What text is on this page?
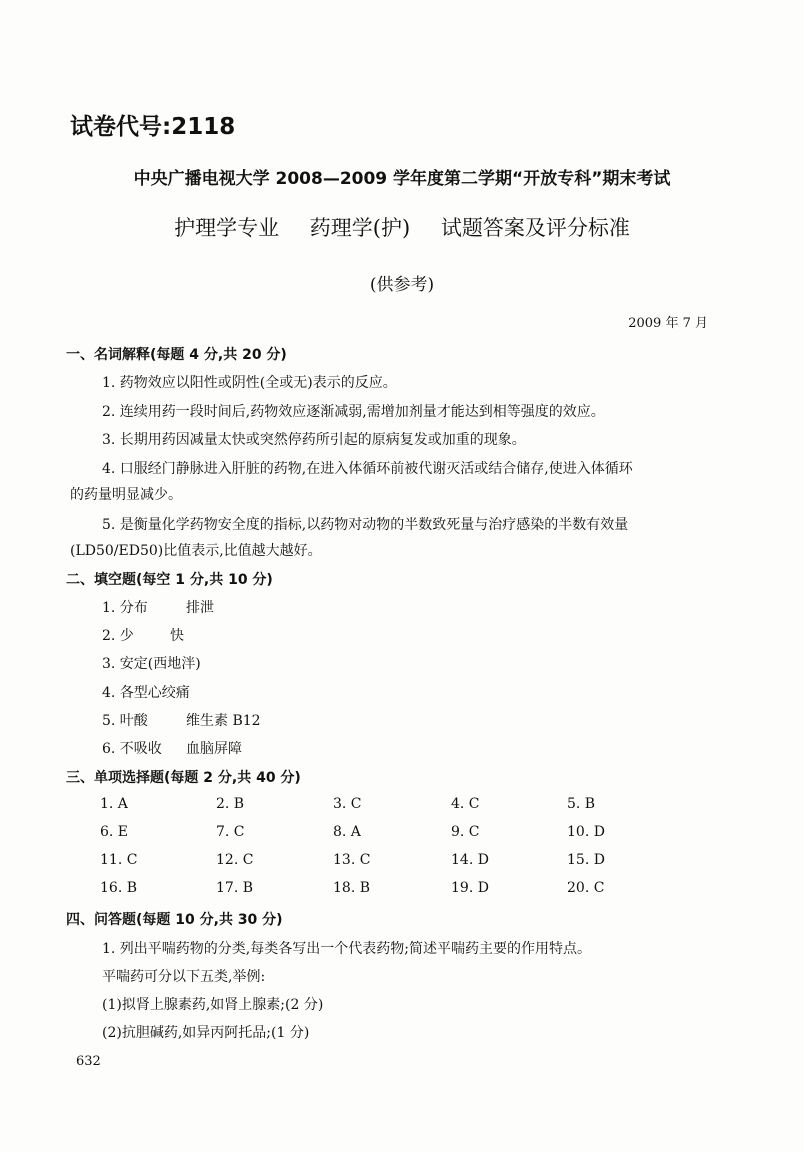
试卷代号:2118
中央广播电视大学 2008—2009 学年度第二学期“开放专科”期末考试
护理学专业 药理学(护) 试题答案及评分标准
(供参考)
2009 年 7 月
一、名词解释(每题 4 分,共 20 分)
1. 药物效应以阳性或阴性(全或无)表示的反应。
2. 连续用药一段时间后,药物效应逐渐减弱,需增加剂量才能达到相等强度的效应。
3. 长期用药因减量太快或突然停药所引起的原病复发或加重的现象。
4. 口服经门静脉进入肝脏的药物,在进入体循环前被代谢灭活或结合储存,使进入体循环
的药量明显减少。
5. 是衡量化学药物安全度的指标,以药物对动物的半数致死量与治疗感染的半数有效量
(LD50/ED50)比值表示,比值越大越好。
二、填空题(每空 1 分,共 10 分)
1. 分布	排泄
2. 少	快
3. 安定(西地泮)
4. 各型心绞痛
5. 叶酸	维生素 B12
6. 不吸收 血脑屏障
三、单项选择题(每题 2 分,共 40 分)
1. A	2. B	3. C	4. C	5. B
6. E	7. C	8. A	9. C	10. D
11. C	12. C	13. C	14. D	15. D
16. B	17. B	18. B	19. D	20. C
四、问答题(每题 10 分,共 30 分)
1. 列出平喘药物的分类,每类各写出一个代表药物;简述平喘药主要的作用特点。
平喘药可分以下五类,举例:
(1)拟肾上腺素药,如肾上腺素;(2 分)
(2)抗胆碱药,如异丙阿托品;(1 分)
632
